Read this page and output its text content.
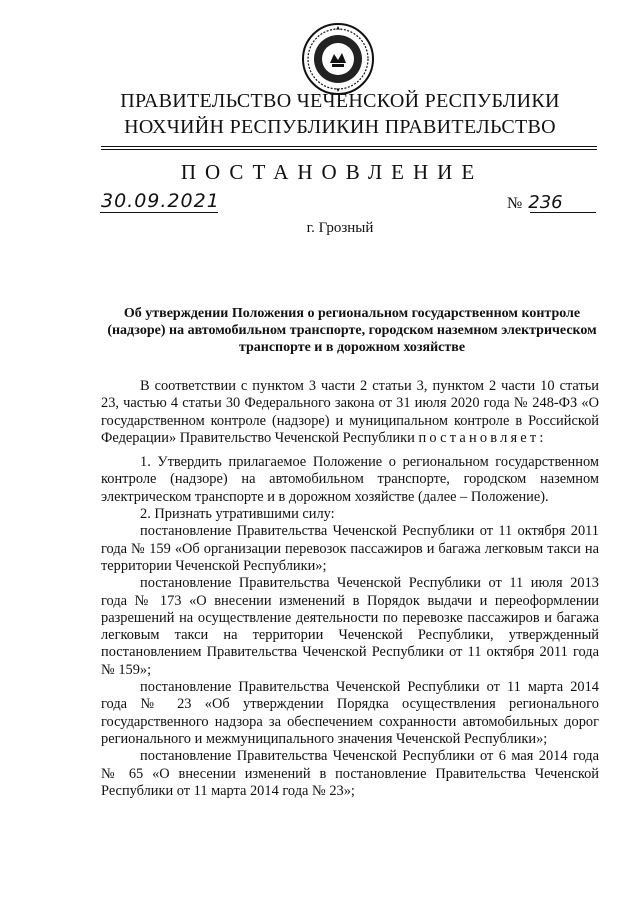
ПРАВИТЕЛЬСТВО ЧЕЧЕНСКОЙ РЕСПУБЛИКИ
НОХЧИЙН РЕСПУБЛИКИН ПРАВИТЕЛЬСТВО
ПОСТАНОВЛЕНИЕ
30.09.2021	№ 236
г. Грозный
Об утверждении Положения о региональном государственном контроле (надзоре) на автомобильном транспорте, городском наземном электрическом транспорте и в дорожном хозяйстве

В соответствии с пунктом 3 части 2 статьи 3, пунктом 2 части 10 статьи 23, частью 4 статьи 30 Федерального закона от 31 июля 2020 года № 248-ФЗ «О государственном контроле (надзоре) и муниципальном контроле в Российской Федерации» Правительство Чеченской Республики постановляет:

1. Утвердить прилагаемое Положение о региональном государственном контроле (надзоре) на автомобильном транспорте, городском наземном электрическом транспорте и в дорожном хозяйстве (далее – Положение).

2. Признать утратившими силу:

постановление Правительства Чеченской Республики от 11 октября 2011 года № 159 «Об организации перевозок пассажиров и багажа легковым такси на территории Чеченской Республики»;

постановление Правительства Чеченской Республики от 11 июля 2013 года № 173 «О внесении изменений в Порядок выдачи и переоформлении разрешений на осуществление деятельности по перевозке пассажиров и багажа легковым такси на территории Чеченской Республики, утвержденный постановлением Правительства Чеченской Республики от 11 октября 2011 года № 159»;

постановление Правительства Чеченской Республики от 11 марта 2014 года № 23 «Об утверждении Порядка осуществления регионального государственного надзора за обеспечением сохранности автомобильных дорог регионального и межмуниципального значения Чеченской Республики»;

постановление Правительства Чеченской Республики от 6 мая 2014 года № 65 «О внесении изменений в постановление Правительства Чеченской Республики от 11 марта 2014 года № 23»;
